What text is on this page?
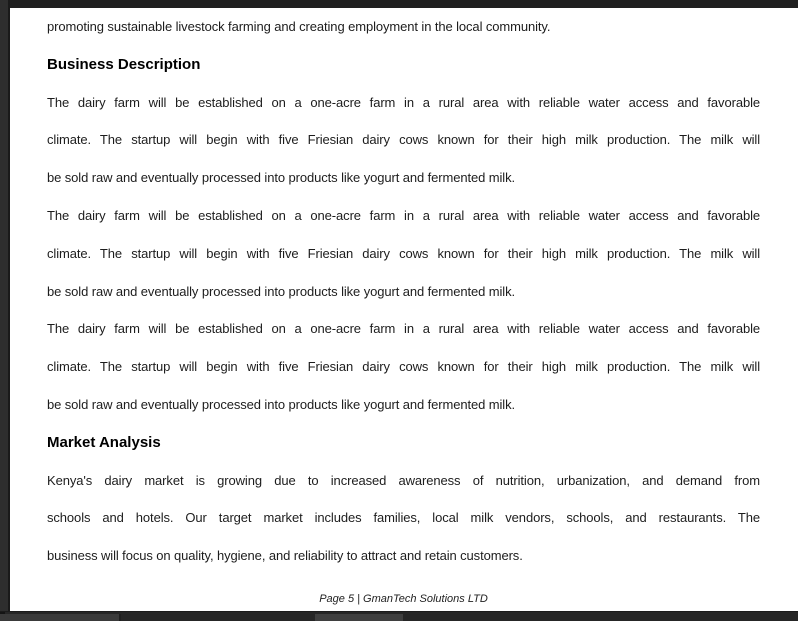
promoting sustainable livestock farming and creating employment in the local community.
Business Description
The dairy farm will be established on a one-acre farm in a rural area with reliable water access and favorable
climate. The startup will begin with five Friesian dairy cows known for their high milk production. The milk will
be sold raw and eventually processed into products like yogurt and fermented milk.
The dairy farm will be established on a one-acre farm in a rural area with reliable water access and favorable
climate. The startup will begin with five Friesian dairy cows known for their high milk production. The milk will
be sold raw and eventually processed into products like yogurt and fermented milk.
The dairy farm will be established on a one-acre farm in a rural area with reliable water access and favorable
climate. The startup will begin with five Friesian dairy cows known for their high milk production. The milk will
be sold raw and eventually processed into products like yogurt and fermented milk.
Market Analysis
Kenya's dairy market is growing due to increased awareness of nutrition, urbanization, and demand from
schools and hotels. Our target market includes families, local milk vendors, schools, and restaurants. The
business will focus on quality, hygiene, and reliability to attract and retain customers.
Page 5 | GmanTech Solutions LTD
